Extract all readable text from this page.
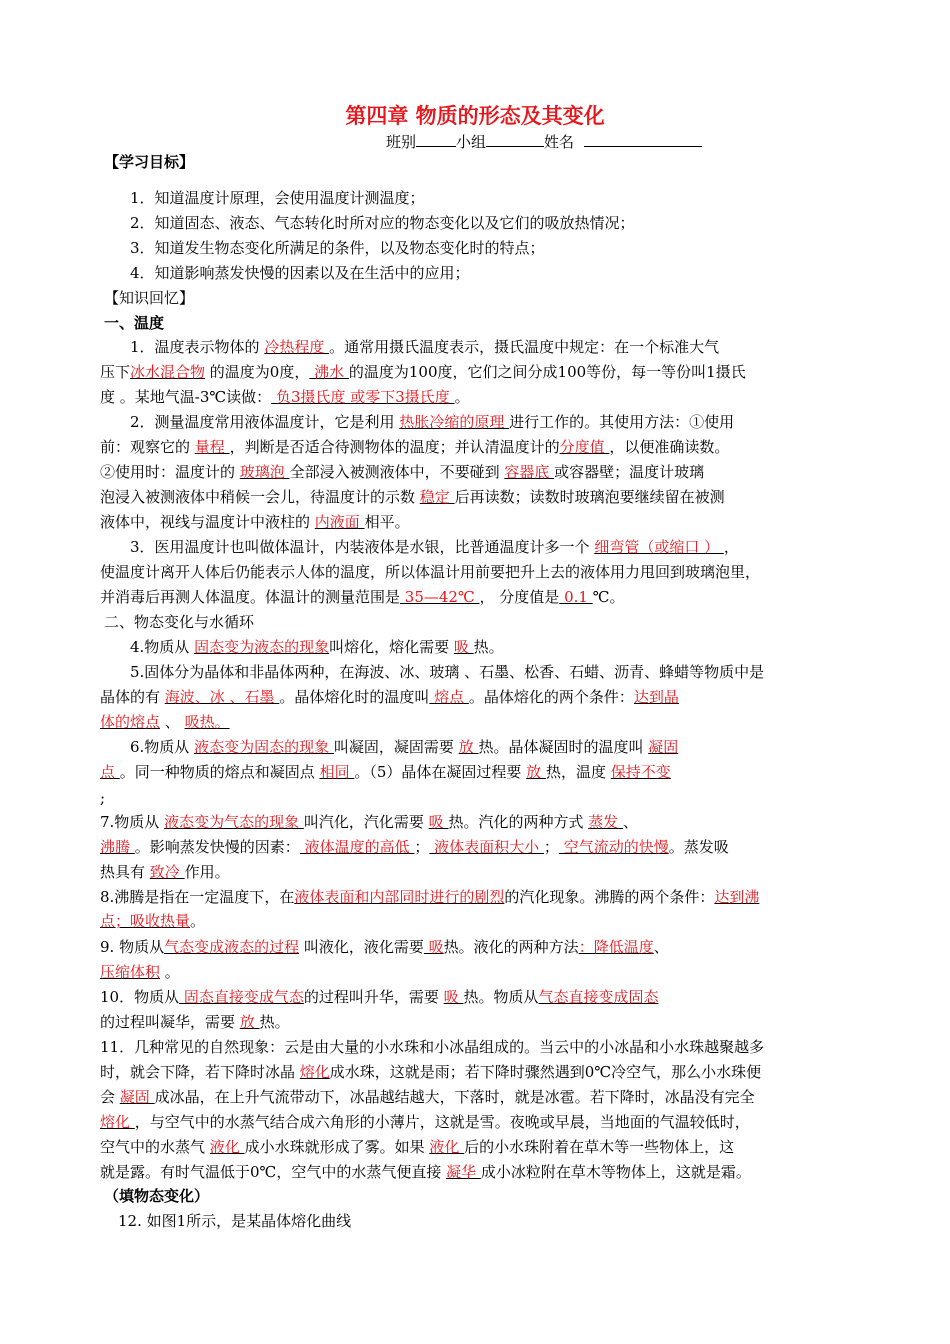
第四章 物质的形态及其变化
班别	小组	姓名
【学习目标】
1．知道温度计原理，会使用温度计测温度；
2．知道固态、液态、气态转化时所对应的物态变化以及它们的吸放热情况；
3．知道发生物态变化所满足的条件，以及物态变化时的特点；
4．知道影响蒸发快慢的因素以及在生活中的应用；
【知识回忆】
一、温度
1．温度表示物体的 冷热程度 。通常用摄氏温度表示，摄氏温度中规定：在一个标准大气
压下冰水混合物 的温度为0度， 沸水 的温度为100度，它们之间分成100等份，每一等份叫1摄氏
度 。某地气温-3℃读做： 负3摄氏度 或零下3摄氏度 。
2．测量温度常用液体温度计，它是利用 热胀冷缩的原理 进行工作的。其使用方法：①使用
前：观察它的 量程 ，判断是否适合待测物体的温度；并认清温度计的分度值 ，以便准确读数。
②使用时：温度计的 玻璃泡 全部浸入被测液体中，不要碰到 容器底 或容器壁；温度计玻璃
泡浸入被测液体中稍候一会儿，待温度计的示数 稳定 后再读数；读数时玻璃泡要继续留在被测
液体中，视线与温度计中液柱的 内液面 相平。
3．医用温度计也叫做体温计，内装液体是水银，比普通温度计多一个 细弯管（或缩口 ） ，
使温度计离开人体后仍能表示人体的温度，所以体温计用前要把升上去的液体用力甩回到玻璃泡里，
并消毒后再测人体温度。体温计的测量范围是 35—42℃ ， 分度值是 0.1 ℃。
4.物质从 固态变为液态的现象叫熔化，熔化需要 吸 热。
5.固体分为晶体和非晶体两种，在海波、冰、玻璃 、石墨、松香、石蜡、沥青、蜂蜡等物质中是
晶体的有 海波、冰 、石墨 。晶体熔化时的温度叫 熔点 。晶体熔化的两个条件：达到晶
体的熔点 、 吸热。
6.物质从 液态变为固态的现象 叫凝固，凝固需要 放 热。晶体凝固时的温度叫 凝固
点 。同一种物质的熔点和凝固点 相同 。（5）晶体在凝固过程要 放 热，温度 保持不变
;
7.物质从 液态变为气态的现象 叫汽化，汽化需要 吸 热。汽化的两种方式 蒸发 、
沸腾 。影响蒸发快慢的因素： 液体温度的高低 ； 液体表面积大小 ； 空气流动的快慢。蒸发吸
热具有 致冷 作用。
8.沸腾是指在一定温度下，在液体表面和内部同时进行的剧烈的汽化现象。沸腾的两个条件：达到沸
点；吸收热量。
9. 物质从气态变成液态的过程 叫液化，液化需要 吸热。液化的两种方法：降低温度、
压缩体积 。
10．物质从 固态直接变成气态的过程叫升华，需要 吸 热。物质从气态直接变成固态
的过程叫凝华，需要 放 热。
11．几种常见的自然现象：云是由大量的小水珠和小冰晶组成的。当云中的小冰晶和小水珠越聚越多
时，就会下降，若下降时冰晶 熔化成水珠，这就是雨；若下降时骤然遇到0℃冷空气，那么小水珠便
会 凝固 成冰晶，在上升气流带动下，冰晶越结越大，下落时，就是冰雹。若下降时，冰晶没有完全
熔化 ，与空气中的水蒸气结合成六角形的小薄片，这就是雪。夜晚或早晨，当地面的气温较低时，
空气中的水蒸气 液化 成小水珠就形成了雾。如果 液化 后的小水珠附着在草木等一些物体上，这
就是露。有时气温低于0℃，空气中的水蒸气便直接 凝华 成小冰粒附在草木等物体上，这就是霜。
二、物态变化与水循环
（填物态变化）
12. 如图1所示，是某晶体熔化曲线
